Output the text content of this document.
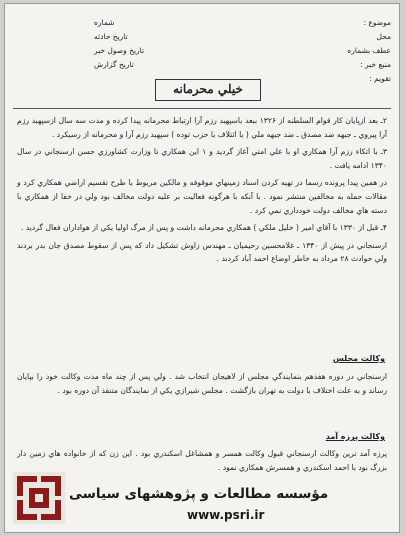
موضوع :
محل
عطف بشماره
منبع خبر :
تقويم :
شماره
تاريخ حادثه
تاريخ وصول خبر
تاريخ گزارش
خيلي محرمانه

۲ـ بعد ازپايان كار قوام السلطنه از ۱۳۲۶ ببعد باسپهبد رزم آرا ارتباط محرمانه پيدا كرده و مدت سه سال ازسپهبد رزم آرا پيروي ـ جبهه ضد مصدق ـ ضد جبهه ملي ( با ائتلاف با حزب توده ) سپهبد رزم آرا و محرمانه از رسيكرد .

۳ـ با اتكاء رزم آرا همكاري او با علي امتي آغاز گرديد و ۱ اين همكاري تا وزارت كشاورزي حسن ارسنجاني در سال ۱۳۴۰ ادامه يافت .

در همين پيدا پرونده رسما در تهيه كردن اسناد زمينهاي موقوفه و مالكين مربوط با طرح تقسيم اراضي همكاري كرد و مقالات حمله به مخالفين منتشر نمود . با آنكه با هرگونه فعاليت بر عليه دولت مخالف بود ولي در خفا از همكاري با دسته هاي مخالف دولت خودداري نمي كرد .

۴ـ قبل از ۱۳۳۰ با آقاي امير ( خليل ملكي ) همكاري محرمانه داشت و پس از مرگ اوليا يكي از هواداران فعال گرديد .

ارسنجاني در پيش از ۱۳۴۰ ـ غلامحسين رحيميان ـ مهندس زاوش تشكيل داد كه پس از سقوط مصدق جان بدر بردند ولي حوادث ۲۸ مرداد به خاطر اوضاع احمد آباد كردند .

وكالت مجلس

ارسنجاني در دوره هفدهم بنمايندگي مجلس از لاهيجان انتخاب شد . ولي پس از چند ماه مدت وكالت خود را بپايان رساند و به علت اختلاف با دولت به تهران بازگشت . مجلس شيرازي يكي از نمايندگان متنفذ آن دوره بود .

وكالت پرزه آمد

پرزه آمد ترين وكالت ارسنجاني قبول وكالت همسر و همشاغل اسكندري بود . اين زن كه از خانواده هاي زمين دار بزرگ بود با احمد اسكندري و همسرش همكاري نمود .

مؤسسه مطالعات و پژوهشهاى سياسى
www.psri.ir
